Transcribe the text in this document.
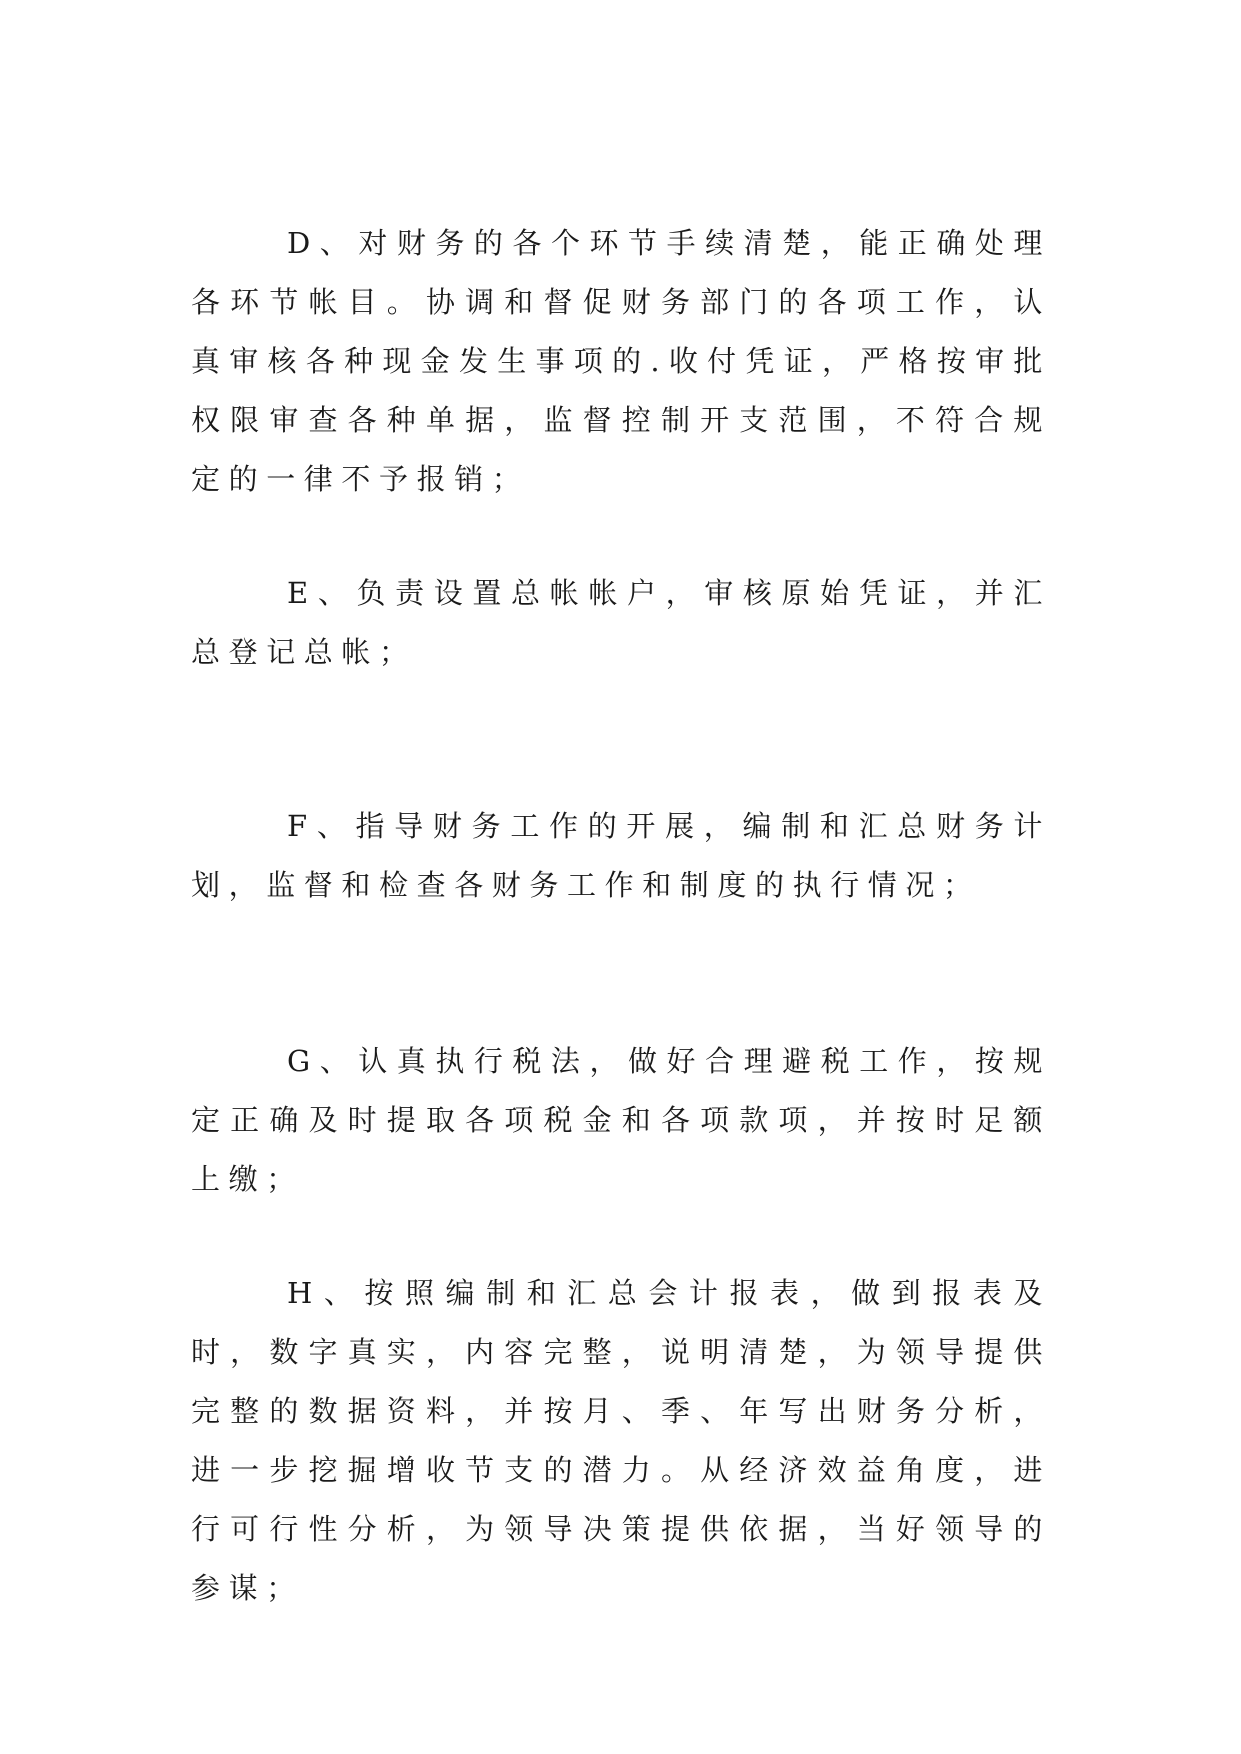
D、对财务的各个环节手续清楚，能正确处理各环节帐目。协调和督促财务部门的各项工作，认真审核各种现金发生事项的.收付凭证，严格按审批权限审查各种单据，监督控制开支范围，不符合规定的一律不予报销；

E、负责设置总帐帐户，审核原始凭证，并汇总登记总帐；

F、指导财务工作的开展，编制和汇总财务计划，监督和检查各财务工作和制度的执行情况；

G、认真执行税法，做好合理避税工作，按规定正确及时提取各项税金和各项款项，并按时足额上缴；

H、按照编制和汇总会计报表，做到报表及时，数字真实，内容完整，说明清楚，为领导提供完整的数据资料，并按月、季、年写出财务分析，进一步挖掘增收节支的潜力。从经济效益角度，进行可行性分析，为领导决策提供依据，当好领导的参谋；
